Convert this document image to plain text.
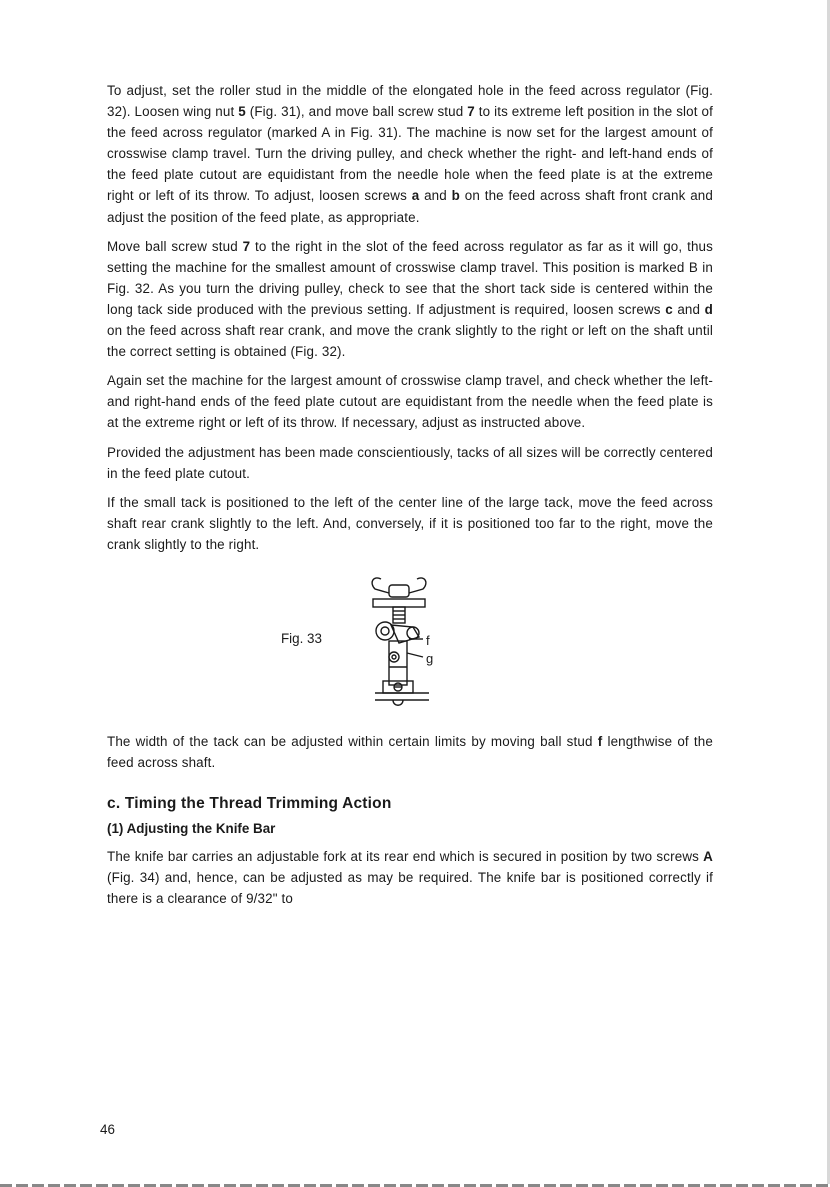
To adjust, set the roller stud in the middle of the elongated hole in the feed across regulator (Fig. 32). Loosen wing nut 5 (Fig. 31), and move ball screw stud 7 to its extreme left position in the slot of the feed across regulator (marked A in Fig. 31). The machine is now set for the largest amount of crosswise clamp travel. Turn the driving pulley, and check whether the right- and left-hand ends of the feed plate cutout are equidistant from the needle hole when the feed plate is at the extreme right or left of its throw. To adjust, loosen screws a and b on the feed across shaft front crank and adjust the position of the feed plate, as appropriate.

Move ball screw stud 7 to the right in the slot of the feed across regulator as far as it will go, thus setting the machine for the smallest amount of crosswise clamp travel. This position is marked B in Fig. 32. As you turn the driving pulley, check to see that the short tack side is centered within the long tack side produced with the previous setting. If adjustment is required, loosen screws c and d on the feed across shaft rear crank, and move the crank slightly to the right or left on the shaft until the correct setting is obtained (Fig. 32).

Again set the machine for the largest amount of crosswise clamp travel, and check whether the left- and right-hand ends of the feed plate cutout are equidistant from the needle when the feed plate is at the extreme right or left of its throw. If necessary, adjust as instructed above.

Provided the adjustment has been made conscientiously, tacks of all sizes will be correctly centered in the feed plate cutout.

If the small tack is positioned to the left of the center line of the large tack, move the feed across shaft rear crank slightly to the left. And, conversely, if it is positioned too far to the right, move the crank slightly to the right.

Fig. 33	f
g

The width of the tack can be adjusted within certain limits by moving ball stud f lengthwise of the feed across shaft.

c. Timing the Thread Trimming Action
(1) Adjusting the Knife Bar

The knife bar carries an adjustable fork at its rear end which is secured in position by two screws A (Fig. 34) and, hence, can be adjusted as may be required. The knife bar is positioned correctly if there is a clearance of 9/32" to

46
